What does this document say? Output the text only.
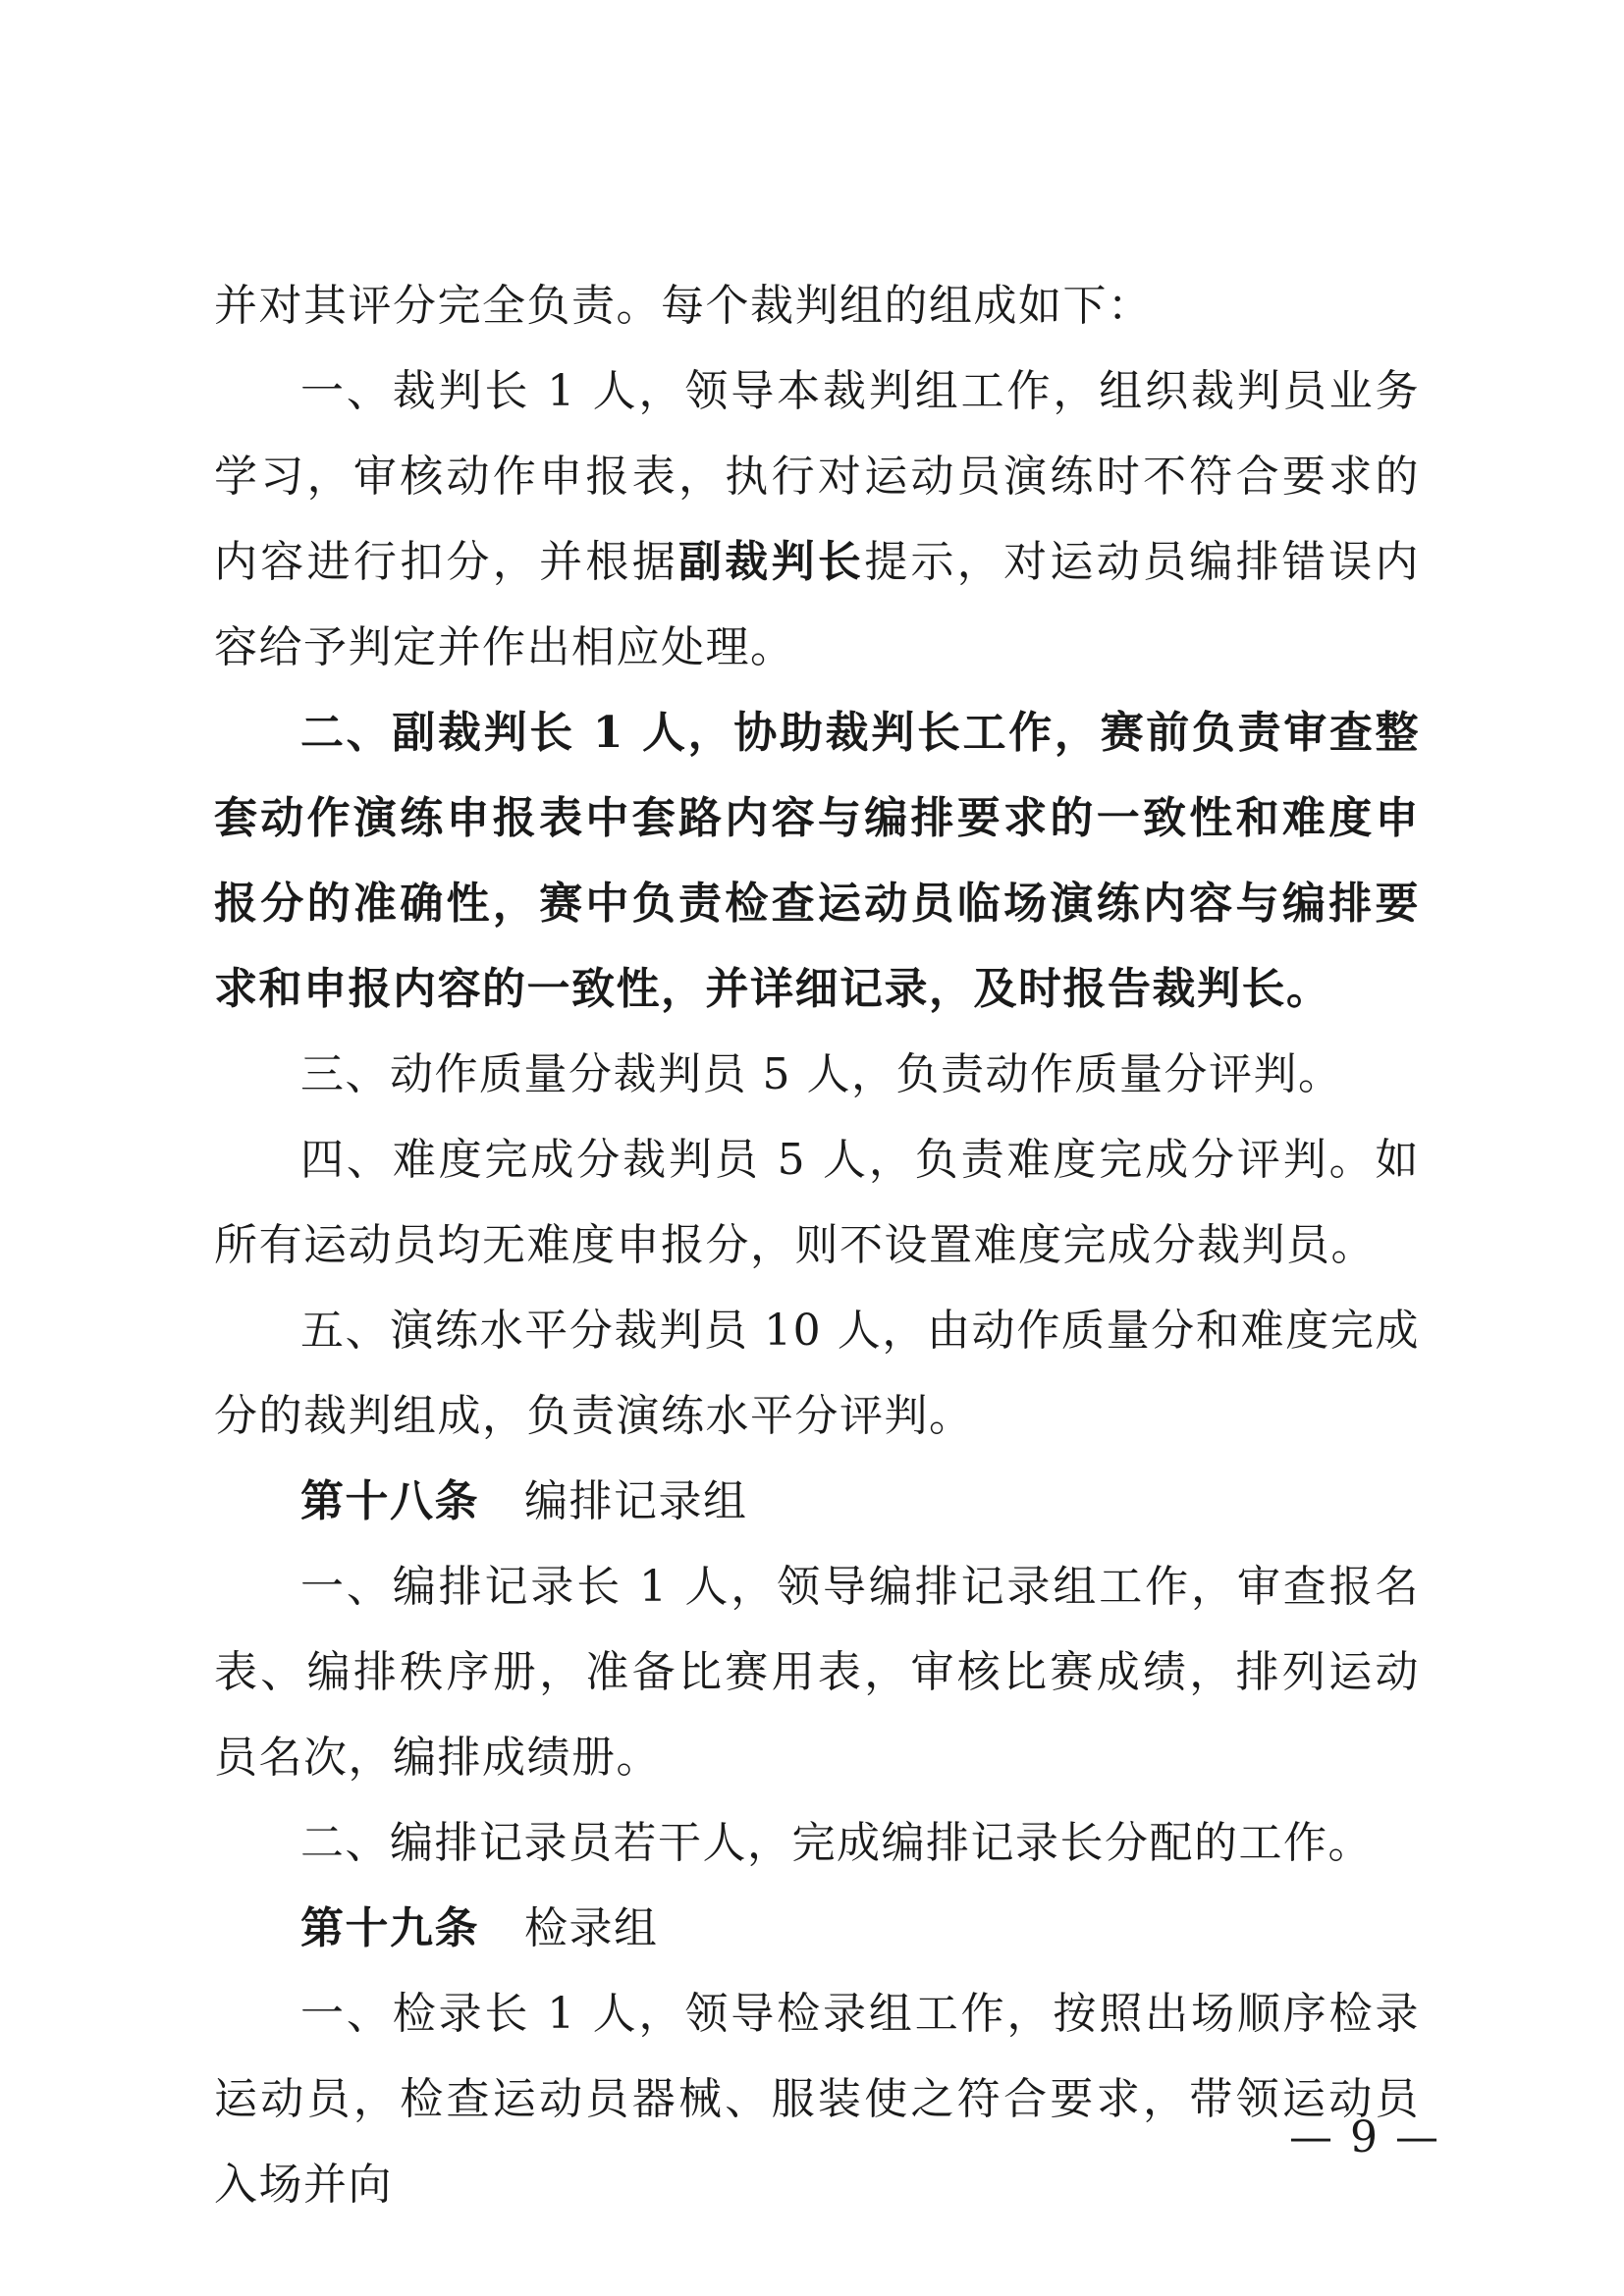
并对其评分完全负责。每个裁判组的组成如下：

一、裁判长 1 人，领导本裁判组工作，组织裁判员业务学习，审核动作申报表，执行对运动员演练时不符合要求的内容进行扣分，并根据副裁判长提示，对运动员编排错误内容给予判定并作出相应处理。

二、副裁判长 1 人，协助裁判长工作，赛前负责审查整套动作演练申报表中套路内容与编排要求的一致性和难度申报分的准确性，赛中负责检查运动员临场演练内容与编排要求和申报内容的一致性，并详细记录，及时报告裁判长。

三、动作质量分裁判员 5 人，负责动作质量分评判。

四、难度完成分裁判员 5 人，负责难度完成分评判。如所有运动员均无难度申报分，则不设置难度完成分裁判员。

五、演练水平分裁判员 10 人，由动作质量分和难度完成分的裁判组成，负责演练水平分评判。

第十八条 编排记录组

一、编排记录长 1 人，领导编排记录组工作，审查报名表、编排秩序册，准备比赛用表，审核比赛成绩，排列运动员名次，编排成绩册。

二、编排记录员若干人，完成编排记录长分配的工作。

第十九条 检录组

一、检录长 1 人，领导检录组工作，按照出场顺序检录运动员，检查运动员器械、服装使之符合要求，带领运动员入场并向

— 9 —
